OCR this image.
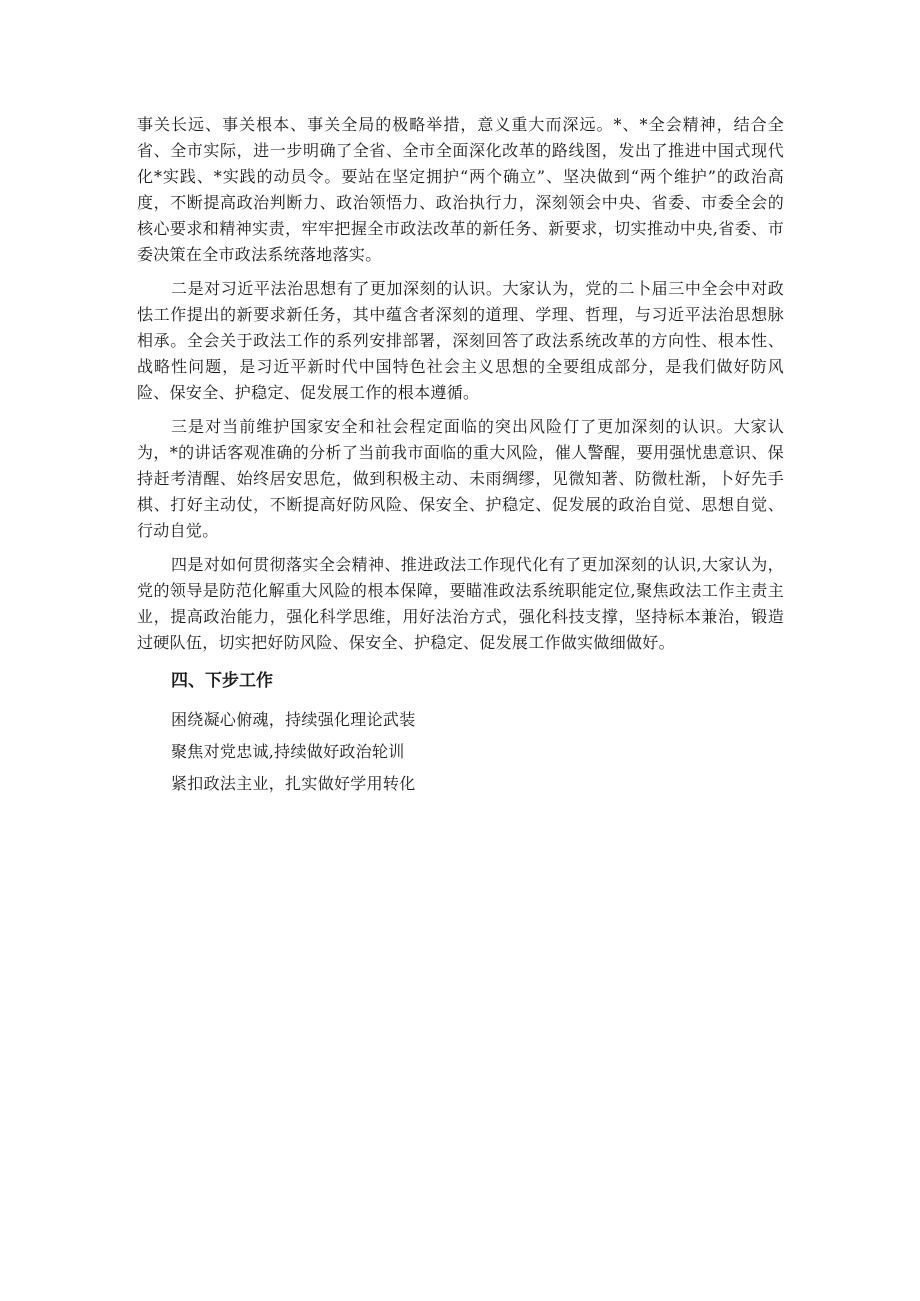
事关长远、事关根本、事关全局的极略举措，意义重大而深远。*、*全会精神，结合全省、全市实际，进一步明确了全省、全市全面深化改革的路线图，发出了推进中国式现代化*实践、*实践的动员令。要站在坚定拥护“两个确立”、坚决做到“两个维护”的政治高度，不断提高政治判断力、政治领悟力、政治执行力，深刻领会中央、省委、市委全会的核心要求和精神实责，牢牢把握全市政法改革的新任务、新要求，切实推动中央,省委、市委决策在全市政法系统落地落实。

二是对习近平法治思想有了更加深刻的认识。大家认为，党的二卜届三中全会中对政怯工作提出的新要求新任务，其中蕴含者深刻的道理、学理、哲理，与习近平法治思想脉相承。全会关于政法工作的系列安排部署，深刻回答了政法系统改革的方向性、根本性、战略性问题，是习近平新时代中国特色社会主义思想的全要组成部分，是我们做好防风险、保安全、护稳定、促发展工作的根本遵循。

三是对当前维护国家安全和社会程定面临的突出风险仃了更加深刻的认识。大家认为，*的讲话客观准确的分析了当前我市面临的重大风险，催人警醒，要用强忧患意识、保持赶考清醒、始终居安思危，做到积极主动、未雨绸缪，见微知著、防微杜渐，卜好先手棋、打好主动仗，不断提高好防风险、保安全、护稳定、促发展的政治自觉、思想自觉、行动自觉。

四是对如何贯彻落实全会精神、推进政法工作现代化有了更加深刻的认识,大家认为，党的领导是防范化解重大风险的根本保障，要瞄准政法系统职能定位,聚焦政法工作主责主业，提高政治能力，强化科学思维，用好法治方式，强化科技支撑，坚持标本兼治，锻造过硬队伍，切实把好防风险、保安全、护稳定、促发展工作做实做细做好。

四、下步工作
困绕凝心俯魂，持续强化理论武装
聚焦对党忠诚,持续做好政治轮训
紧扣政法主业，扎实做好学用转化
